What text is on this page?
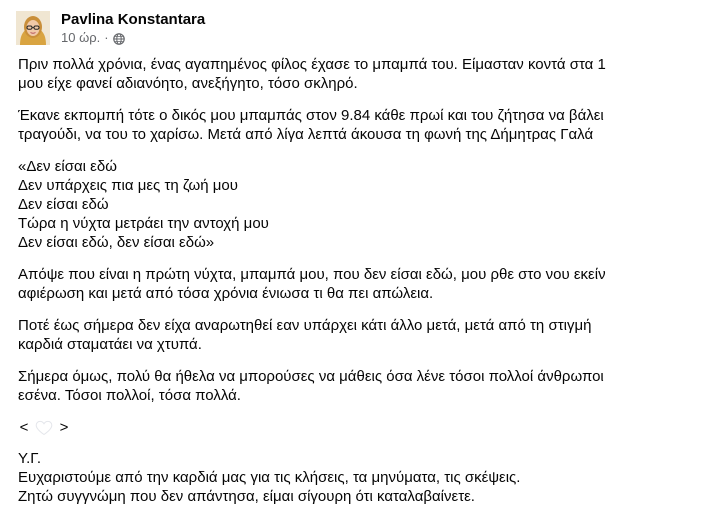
Pavlina Konstantara
10 ώρ. ·

Πριν πολλά χρόνια, ένας αγαπημένος φίλος έχασε το μπαμπά του. Είμασταν κοντά στα 1
μου είχε φανεί αδιανόητο, ανεξήγητο, τόσο σκληρό.

Έκανε εκπομπή τότε ο δικός μου μπαμπάς στον 9.84 κάθε πρωί και του ζήτησα να βάλει
τραγούδι, να του το χαρίσω. Μετά από λίγα λεπτά άκουσα τη φωνή της Δήμητρας Γαλά

«Δεν είσαι εδώ
Δεν υπάρχεις πια μες τη ζωή μου
Δεν είσαι εδώ
Τώρα η νύχτα μετράει την αντοχή μου
Δεν είσαι εδώ, δεν είσαι εδώ»

Απόψε που είναι η πρώτη νύχτα, μπαμπά μου, που δεν είσαι εδώ, μου ρθε στο νου εκείν
αφιέρωση και μετά από τόσα χρόνια ένιωσα τι θα πει απώλεια.

Ποτέ έως σήμερα δεν είχα αναρωτηθεί εαν υπάρχει κάτι άλλο μετά, μετά από τη στιγμή
καρδιά σταματάει να χτυπά.

Σήμερα όμως, πολύ θα ήθελα να μπορούσες να μάθεις όσα λένε τόσοι πολλοί άνθρωποι
εσένα. Τόσοι πολλοί, τόσα πολλά.

< >

Υ.Γ.
Ευχαριστούμε από την καρδιά μας για τις κλήσεις, τα μηνύματα, τις σκέψεις.
Ζητώ συγγνώμη που δεν απάντησα, είμαι σίγουρη ότι καταλαβαίνετε.
